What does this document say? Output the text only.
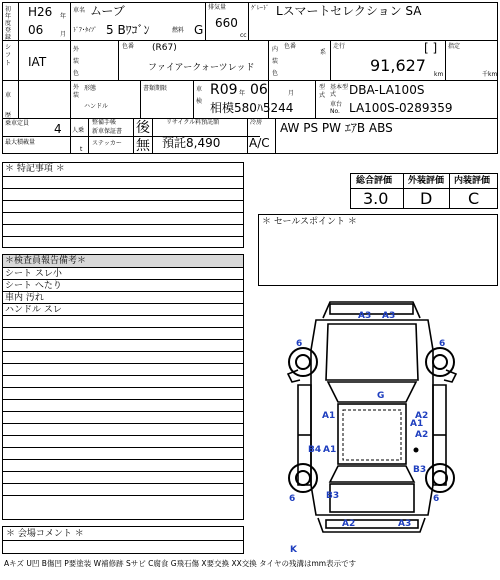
初年度登録
H26 年
06	月
車名 ムーブ
ﾄﾞｱ･ﾀｲﾌﾟ 5 Bﾜｺﾞﾝ	燃料 G
排気量
660
cc
ｸﾞﾚｰﾄﾞ Lスマートセレクション SA
シフト	IAT
外装色
色番 (R67)
ファイアークォーツレッド
内装色
色番
系
走行	[ ]
91,627 km
指定
千km
車歴
外装
形態
ハンドル
書類期限	車検
R09 年 06	月
相模580ﾊ5244
型式
基本型式	DBA-LA100S
車台No. LA100S-0289359
乗車定員 4 人乗
最大積載量
t
整備手帳
新車保証書
ステッカー
後
無
リサイクル料預託額
預託8,490
冷房
A/C
AW PS PW ｴｱB ABS
＊ 特記事項 ＊
総合評価 外装評価 内装評価
3.0 D C
＊ セールスポイント ＊
＊検査員報告備考＊
シート スレ小
シート へたり
車内 汚れ
ハンドル スレ
＊ 会場コメント ＊
Aキズ U凹 B傷凹 P要塗装 W補修跡 Sサビ C腐食 G飛石傷 X要交換 XX交換 タイヤの残溝はmm表示です
A3 A3
6	6
G
A1	A2
A1
A2
B4 A1
B3
6	6
B3
A2	A3
K
